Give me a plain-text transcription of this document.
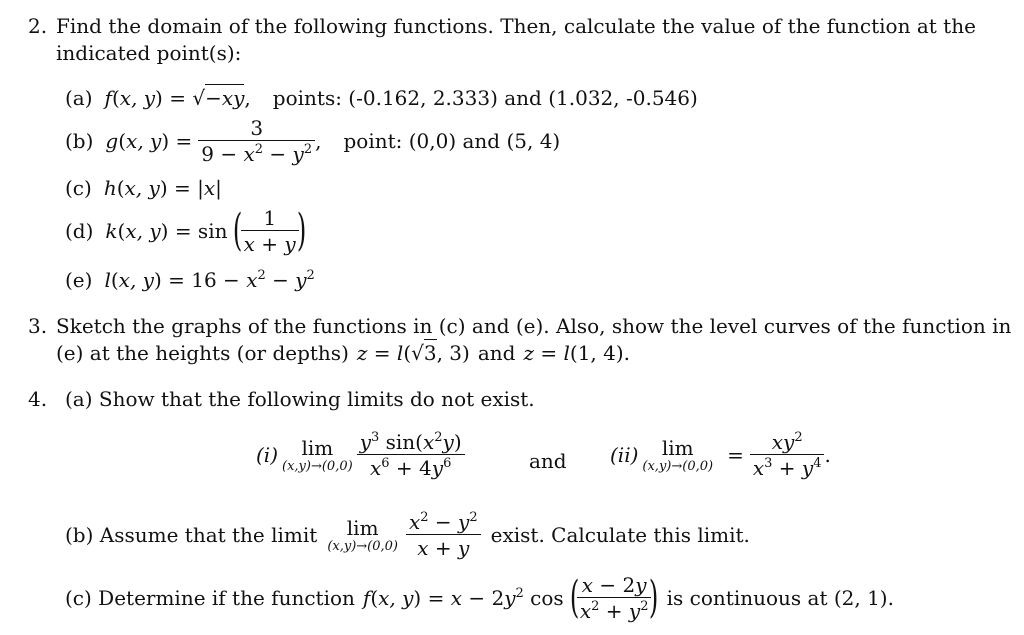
2. Find the domain of the following functions. Then, calculate the value of the function at the
indicated point(s):
(a) f(x, y) = √−xy, points: (-0.162, 2.333) and (1.032, -0.546)
(b) g(x, $y) = \frac{3}{9 - x^2 - y^2}$ , point: (0,0) and (5, 4)
(c) h(x, y) = |x|
(d) k(x, y) = sin (
$\frac{1}{x + y}$
)
(e) l(x, $y) = 16 - x^2 - y^2$
3. Sketch the graphs of the functions in (c) and (e). Also, show the level curves of the function in
(e) at the heights (or depths) z = l(√3, 3) and z = l(1, 4).
4. (a) Show that the following limits do not exist.
(i)	lim
$(x,y)\to(0,0) \frac{y^3 \sin(x^2y)}{x^6 + 4y^6}$	and (ii)	lim
$(x,y)\to(0,0) = \frac{xy^2}{x^3 + y^4}$ .
(b) Assume that the limit	lim
$(x,y)\to(0,0) \frac{x^2 - y^2}{x + y}$ exist. Calculate this limit.
(c) Determine if the function f(x, $y) = x - 2y^2$ cos (
$\frac{x - 2y}{x^2 + y^2}$
) is continuous at (2, 1).
